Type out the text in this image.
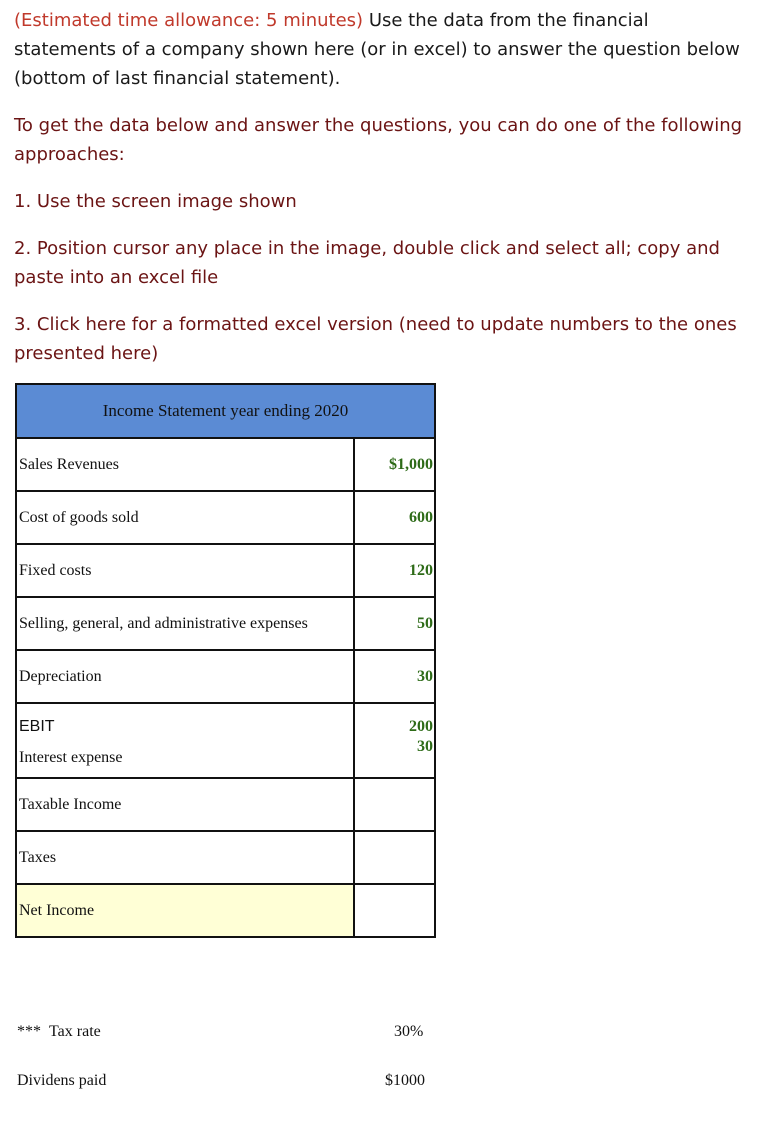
(Estimated time allowance: 5 minutes) Use the data from the financial statements of a company shown here (or in excel) to answer the question below (bottom of last financial statement).

To get the data below and answer the questions, you can do one of the following approaches:

1. Use the screen image shown

2. Position cursor any place in the image, double click and select all; copy and paste into an excel file

3. Click here for a formatted excel version (need to update numbers to the ones presented here)

Income Statement year ending 2020	
Sales Revenues	$1,000
Cost of goods sold	600
Fixed costs	120
Selling, general, and administrative expenses	50
Depreciation	30
EBIT	200
Interest expense	30
Taxable Income	
Taxes	
Net Income	
*** Tax rate	30%
Dividens paid	$1000
